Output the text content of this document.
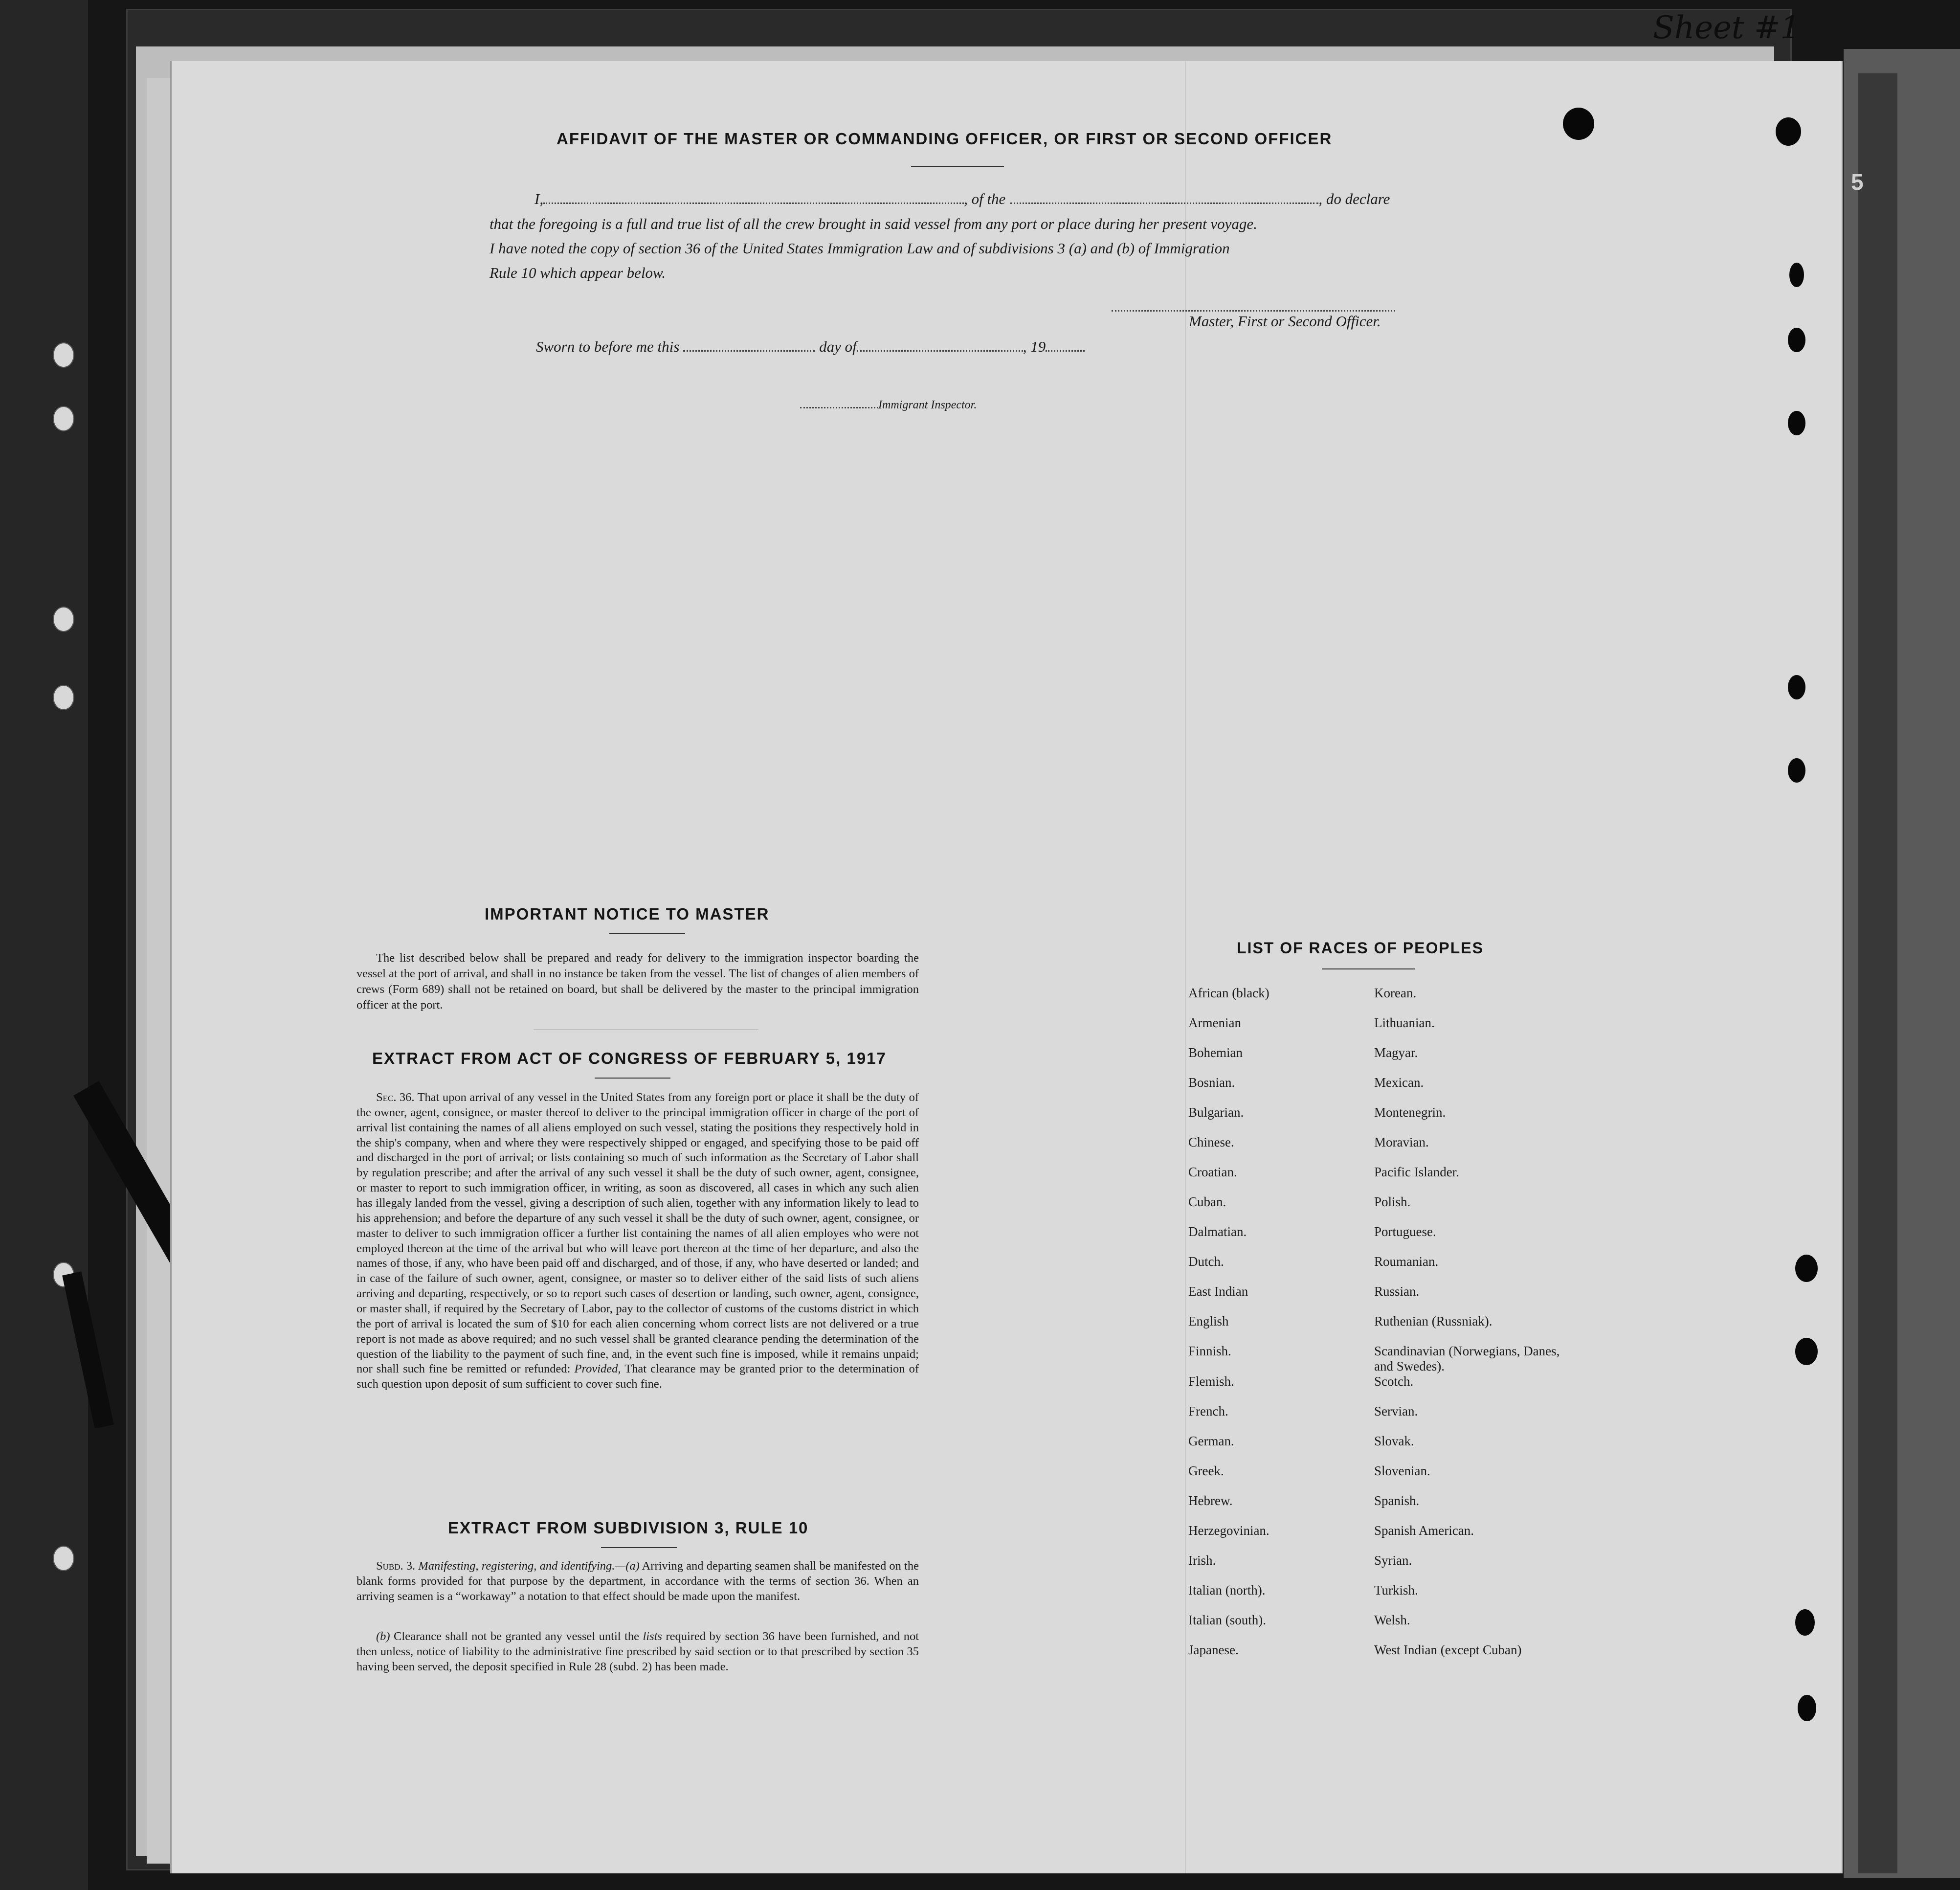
Sheet #1
5
AFFIDAVIT OF THE MASTER OR COMMANDING OFFICER, OR FIRST OR SECOND OFFICER
I,	, of the	, do declare
that the foregoing is a full and true list of all the crew brought in said vessel from any port or place during her present voyage.
I have noted the copy of section 36 of the United States Immigration Law and of subdivisions 3 (a) and (b) of Immigration
Rule 10 which appear below.
Master, First or Second Officer.
Sworn to before me this	day of	, 19
Immigrant Inspector.
IMPORTANT NOTICE TO MASTER
The list described below shall be prepared and ready for delivery to the immigration inspector boarding the vessel at the port of arrival, and shall in no instance be taken from the vessel. The list of changes of alien members of crews (Form 689) shall not be retained on board, but shall be delivered by the master to the principal immigration officer at the port.
EXTRACT FROM ACT OF CONGRESS OF FEBRUARY 5, 1917
Sec. 36. That upon arrival of any vessel in the United States from any foreign port or place it shall be the duty of the owner, agent, consignee, or master thereof to deliver to the principal immigration officer in charge of the port of arrival list containing the names of all aliens employed on such vessel, stating the positions they respectively hold in the ship's company, when and where they were respectively shipped or engaged, and specifying those to be paid off and discharged in the port of arrival; or lists containing so much of such information as the Secretary of Labor shall by regulation prescribe; and after the arrival of any such vessel it shall be the duty of such owner, agent, consignee, or master to report to such immigration officer, in writing, as soon as discovered, all cases in which any such alien has illegaly landed from the vessel, giving a description of such alien, together with any information likely to lead to his apprehension; and before the departure of any such vessel it shall be the duty of such owner, agent, consignee, or master to deliver to such immigration officer a further list containing the names of all alien employes who were not employed thereon at the time of the arrival but who will leave port thereon at the time of her departure, and also the names of those, if any, who have been paid off and discharged, and of those, if any, who have deserted or landed; and in case of the failure of such owner, agent, consignee, or master so to deliver either of the said lists of such aliens arriving and departing, respectively, or so to report such cases of desertion or landing, such owner, agent, consignee, or master shall, if required by the Secretary of Labor, pay to the collector of customs of the customs district in which the port of arrival is located the sum of $10 for each alien concerning whom correct lists are not delivered or a true report is not made as above required; and no such vessel shall be granted clearance pending the determination of the question of the liability to the payment of such fine, and, in the event such fine is imposed, while it remains unpaid; nor shall such fine be remitted or refunded: Provided, That clearance may be granted prior to the determination of such question upon deposit of sum sufficient to cover such fine.
EXTRACT FROM SUBDIVISION 3, RULE 10
Subd. 3. Manifesting, registering, and identifying.—(a) Arriving and departing seamen shall be manifested on the blank forms provided for that purpose by the department, in accordance with the terms of section 36. When an arriving seamen is a “workaway” a notation to that effect should be made upon the manifest.
(b) Clearance shall not be granted any vessel until the lists required by section 36 have been furnished, and not then unless, notice of liability to the administrative fine prescribed by said section or to that prescribed by section 35 having been served, the deposit specified in Rule 28 (subd. 2) has been made.
LIST OF RACES OF PEOPLES
African (black)	Korean.
Armenian	Lithuanian.
Bohemian	Magyar.
Bosnian.	Mexican.
Bulgarian.	Montenegrin.
Chinese.	Moravian.
Croatian.	Pacific Islander.
Cuban.	Polish.
Dalmatian.	Portuguese.
Dutch.	Roumanian.
East Indian	Russian.
English	Ruthenian (Russniak).
Finnish.	Scandinavian (Norwegians, Danes, and Swedes).
Flemish.	Scotch.
French.	Servian.
German.	Slovak.
Greek.	Slovenian.
Hebrew.	Spanish.
Herzegovinian.	Spanish American.
Irish.	Syrian.
Italian (north).	Turkish.
Italian (south).	Welsh.
Japanese.	West Indian (except Cuban)
